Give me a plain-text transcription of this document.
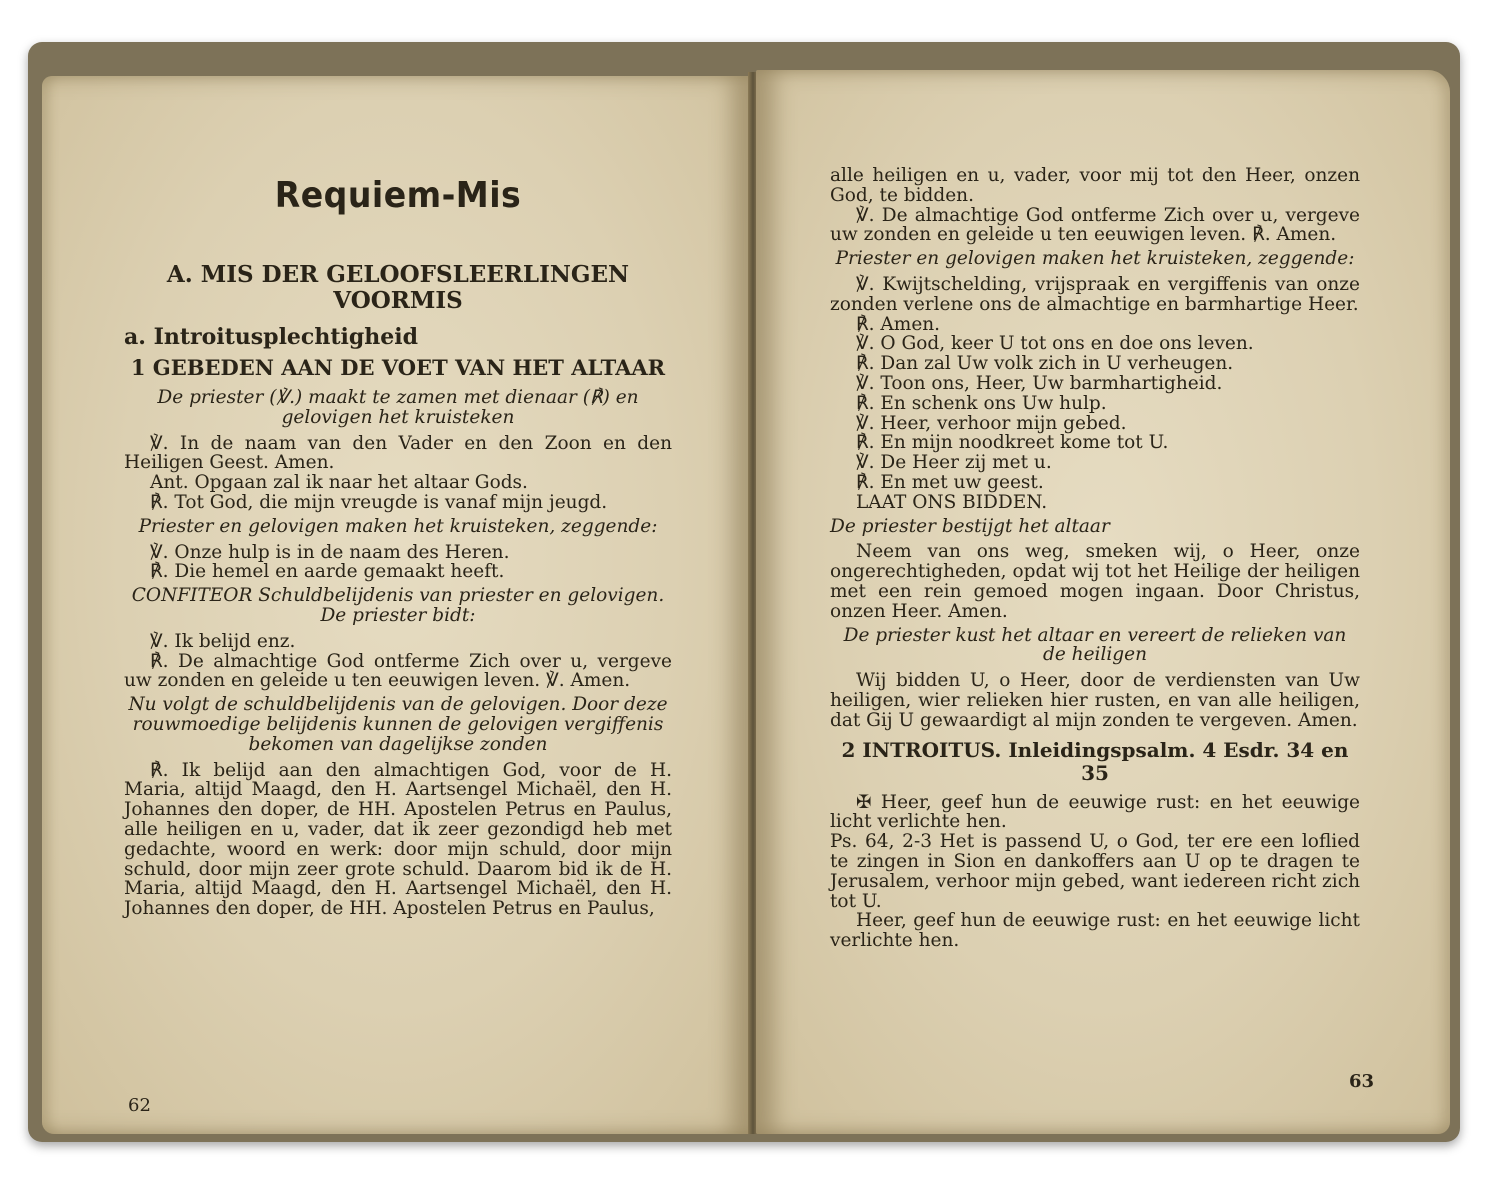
Requiem-Mis
A. MIS DER GELOOFSLEERLINGEN VOORMIS
a. Introitusplechtigheid
1 GEBEDEN AAN DE VOET VAN HET ALTAAR
De priester (℣.) maakt te zamen met dienaar (℟) en gelovigen het kruisteken

℣. In de naam van den Vader en den Zoon en den Heiligen Geest. Amen.

Ant. Opgaan zal ik naar het altaar Gods.

℟. Tot God, die mijn vreugde is vanaf mijn jeugd.

Priester en gelovigen maken het kruisteken, zeggende:

℣. Onze hulp is in de naam des Heren.

℟. Die hemel en aarde gemaakt heeft.

CONFITEOR Schuldbelijdenis van priester en gelovigen. De priester bidt:

℣. Ik belijd enz.

℟. De almachtige God ontferme Zich over u, vergeve uw zonden en geleide u ten eeuwigen leven. ℣. Amen.

Nu volgt de schuldbelijdenis van de gelovigen. Door deze rouwmoedige belijdenis kunnen de gelovigen vergiffenis bekomen van dagelijkse zonden

℟. Ik belijd aan den almachtigen God, voor de H. Maria, altijd Maagd, den H. Aartsengel Michaël, den H. Johannes den doper, de HH. Apostelen Petrus en Paulus, alle heiligen en u, vader, dat ik zeer gezondigd heb met gedachte, woord en werk: door mijn schuld, door mijn schuld, door mijn zeer grote schuld. Daarom bid ik de H. Maria, altijd Maagd, den H. Aartsengel Michaël, den H. Johannes den doper, de HH. Apostelen Petrus en Paulus,

62

alle heiligen en u, vader, voor mij tot den Heer, onzen God, te bidden.

℣. De almachtige God ontferme Zich over u, vergeve uw zonden en geleide u ten eeuwigen leven. ℟. Amen.

Priester en gelovigen maken het kruisteken, zeggende:

℣. Kwijtschelding, vrijspraak en vergiffenis van onze zonden verlene ons de almachtige en barmhartige Heer.

℟. Amen.

℣. O God, keer U tot ons en doe ons leven.

℟. Dan zal Uw volk zich in U verheugen.

℣. Toon ons, Heer, Uw barmhartigheid.

℟. En schenk ons Uw hulp.

℣. Heer, verhoor mijn gebed.

℟. En mijn noodkreet kome tot U.

℣. De Heer zij met u.

℟. En met uw geest.

LAAT ONS BIDDEN.

De priester bestijgt het altaar

Neem van ons weg, smeken wij, o Heer, onze ongerechtigheden, opdat wij tot het Heilige der heiligen met een rein gemoed mogen ingaan. Door Christus, onzen Heer. Amen.

De priester kust het altaar en vereert de relieken van de heiligen

Wij bidden U, o Heer, door de verdiensten van Uw heiligen, wier relieken hier rusten, en van alle heiligen, dat Gij U gewaardigt al mijn zonden te vergeven. Amen.

2 INTROITUS. Inleidingspsalm. 4 Esdr. 34 en 35

✠ Heer, geef hun de eeuwige rust: en het eeuwige licht verlichte hen.

Ps. 64, 2-3 Het is passend U, o God, ter ere een loflied te zingen in Sion en dankoffers aan U op te dragen te Jerusalem, verhoor mijn gebed, want iedereen richt zich tot U.

Heer, geef hun de eeuwige rust: en het eeuwige licht verlichte hen.

63
